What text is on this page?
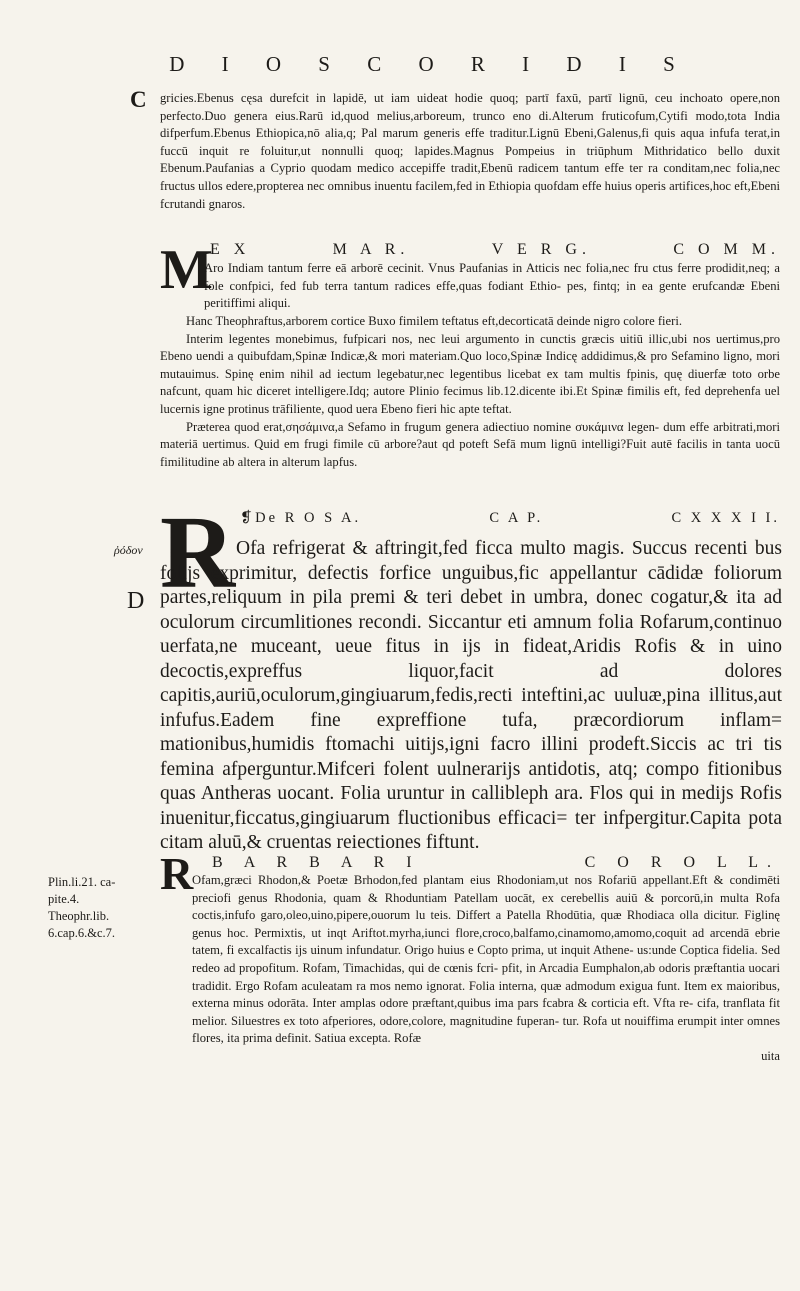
D I O S C O R I D I S
C gricies.Ebenus cęsa durefcit in lapidē, ut iam uideat hodie quoq; partī faxū, partī lignū, ceu inchoato opere,non perfecto.Duo genera eius.Rarū id,quod melius,arboreum, trunco eno di.Alterum fruticofum,Cytifi modo,tota India difperfum.Ebenus Ethiopica,nō alia,q; Pal marum generis effe traditur.Lignū Ebeni,Galenus,fi quis aqua infufa terat,in fuccū inquit re foluitur,ut nonnulli quoq; lapides.Magnus Pompeius in triūphum Mithridatico bello duxit Ebenum.Paufanias a Cyprio quodam medico accepiffe tradit,Ebenū radicem tantum effe ter ra conditam,nec folia,nec fructus ullos edere,propterea nec omnibus inuentu facilem,fed in Ethiopia quofdam effe huius operis artifices,hoc eft,Ebeni fcrutandi gnaros.

M
E X	M A R.	V E R G.	C O M M.

Aro Indiam tantum ferre eā arborē cecinit. Vnus Paufanias in Atticis nec folia,nec fru ctus ferre prodidit,neq; a fole confpici, fed fub terra tantum radices effe,quas fodiant Ethio- pes, fintq; in ea gente erufcandæ Ebeni peritiffimi aliqui.

Hanc Theophraftus,arborem cortice Buxo fimilem teftatus eft,decorticatā deinde nigro colore fieri.

Interim legentes monebimus, fufpicari nos, nec leui argumento in cunctis græcis uitiū illic,ubi nos uertimus,pro Ebeno uendi a quibufdam,Spinæ Indicæ,& mori materiam.Quo loco,Spinæ Indicę addidimus,& pro Sefamino ligno, mori mutauimus. Spinę enim nihil ad iectum legebatur,nec legentibus licebat ex tam multis fpinis, quę diuerfæ toto orbe nafcunt, quam hic diceret intelligere.Idq; autore Plinio fecimus lib.12.dicente ibi.Et Spinæ fimilis eft, fed deprehenfa uel lucernis igne protinus trāfiliente, quod uera Ebeno fieri hic apte teftat.

Præterea quod erat,σησάμινα,a Sefamo in frugum genera adiectiuo nomine συκάμινα legen- dum effe arbitrati,mori materiā uertimus. Quid em frugi fimile cū arbore?aut qd poteft Sefā mum lignū intelligi?Fuit autē facilis in tanta uocū fimilitudine ab altera in alterum lapfus.

R
ῥόδον
D
❡De R O S A.	C A P.	C X X X I I.

Ofa refrigerat & aftringit,fed ficca multo magis. Succus recenti bus folijs exprimitur, defectis forfice unguibus,fic appellantur cādidæ foliorum partes,reliquum in pila premi & teri debet in umbra, donec cogatur,& ita ad oculorum circumlitiones recondi. Siccantur eti amnum folia Rofarum,continuo uerfata,ne muceant, ueue fitus in ijs in fideat,Aridis Rofis & in uino decoctis,expreffus liquor,facit ad dolores capitis,auriū,oculorum,gingiuarum,fedis,recti inteftini,ac uuluæ,pina illitus,aut infufus.Eadem fine expreffione tufa, præcordiorum inflam= mationibus,humidis ftomachi uitijs,igni facro illini prodeft.Siccis ac tri tis femina afperguntur.Mifceri folent uulnerarijs antidotis, atq; compo fitionibus quas Antheras uocant. Folia uruntur in callibleph ara. Flos qui in medijs Rofis inuenitur,ficcatus,gingiuarum fluctionibus efficaci= ter infpergitur.Capita pota citam aluū,& cruentas reiectiones fiftunt.

R B A R B A R I	C O R O L L.

Ofam,græci Rhodon,& Poetæ Brhodon,fed plantam eius Rhodoniam,ut nos Rofariū appellant.Eft & condimēti preciofi genus Rhodonia, quam & Rhoduntiam Patellam uocāt, ex cerebellis auiū & porcorū,in multa Rofa coctis,infufo garo,oleo,uino,pipere,ouorum lu teis. Differt a Patella Rhodūtia, quæ Rhodiaca olla dicitur. Figlinę genus hoc. Permixtis, ut inqt Ariftot.myrha,iunci flore,croco,balfamo,cinamomo,amomo,coquit ad arcendā ebrie tatem, fi excalfactis ijs uinum infundatur. Origo huius e Copto prima, ut inquit Athene- us:unde Coptica fidelia. Sed redeo ad propofitum. Rofam, Timachidas, qui de cœnis fcri- pfit, in Arcadia Eumphalon,ab odoris præftantia uocari tradidit. Ergo Rofam aculeatam ra mos nemo ignorat. Folia interna, quæ admodum exigua funt. Item ex maioribus, externa minus odorāta. Inter amplas odore præftant,quibus ima pars fcabra & corticia eft. Vfta re- cifa, tranflata fit melior. Siluestres ex toto afperiores, odore,colore, magnitudine fuperan- tur. Rofa ut nouiffima erumpit inter omnes flores, ita prima definit. Satiua excepta. Rofæ

uita
Plin.li.21. ca-
pite.4.
Theophr.lib.
6.cap.6.&c.7.
